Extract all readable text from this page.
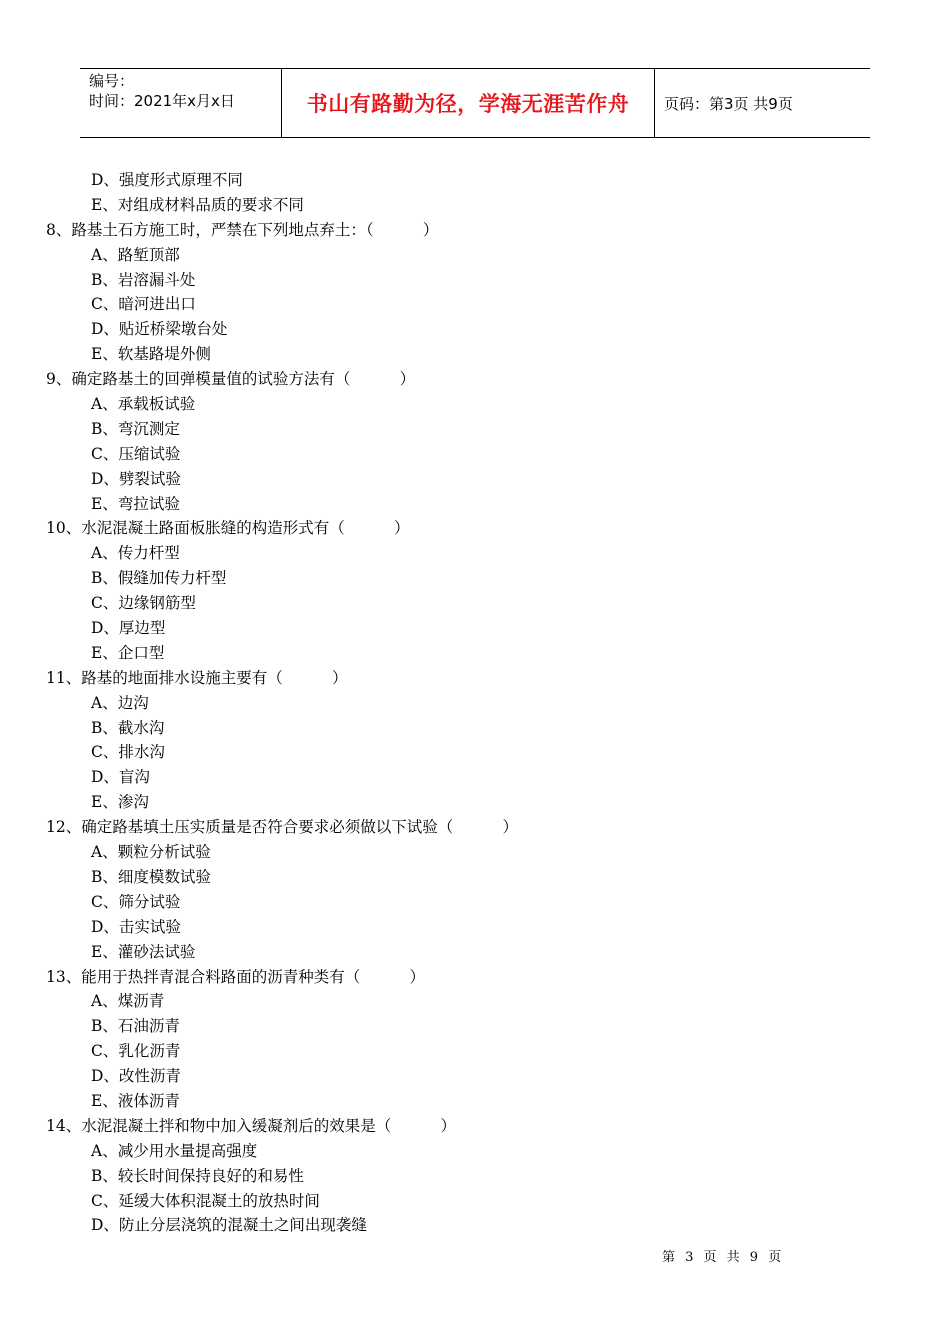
编号：
时间：2021年x月x日	书山有路勤为径，学海无涯苦作舟	页码：第3页 共9页
D、强度形式原理不同
E、对组成材料品质的要求不同
8、路基土石方施工时，严禁在下列地点弃土：（          ）
A、路堑顶部
B、岩溶漏斗处
C、暗河进出口
D、贴近桥梁墩台处
E、软基路堤外侧
9、确定路基土的回弹模量值的试验方法有（          ）
A、承载板试验
B、弯沉测定
C、压缩试验
D、劈裂试验
E、弯拉试验
10、水泥混凝土路面板胀缝的构造形式有（          ）
A、传力杆型
B、假缝加传力杆型
C、边缘钢筋型
D、厚边型
E、企口型
11、路基的地面排水设施主要有（          ）
A、边沟
B、截水沟
C、排水沟
D、盲沟
E、渗沟
12、确定路基填土压实质量是否符合要求必须做以下试验（          ）
A、颗粒分析试验
B、细度模数试验
C、筛分试验
D、击实试验
E、灌砂法试验
13、能用于热拌青混合料路面的沥青种类有（          ）
A、煤沥青
B、石油沥青
C、乳化沥青
D、改性沥青
E、液体沥青
14、水泥混凝土拌和物中加入缓凝剂后的效果是（          ）
A、减少用水量提高强度
B、较长时间保持良好的和易性
C、延缓大体积混凝土的放热时间
D、防止分层浇筑的混凝土之间出现袭缝
第 3 页 共 9 页
